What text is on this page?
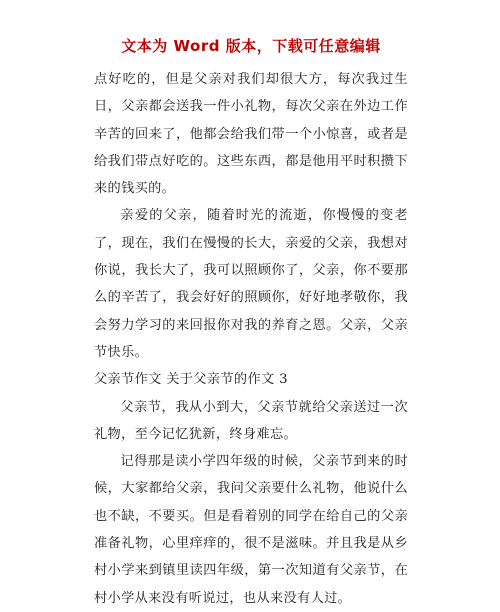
文本为 Word 版本，下载可任意编辑

点好吃的，但是父亲对我们却很大方，每次我过生日，父亲都会送我一件小礼物，每次父亲在外边工作辛苦的回来了，他都会给我们带一个小惊喜，或者是给我们带点好吃的。这些东西，都是他用平时积攒下来的钱买的。

亲爱的父亲，随着时光的流逝，你慢慢的变老了，现在，我们在慢慢的长大，亲爱的父亲，我想对你说，我长大了，我可以照顾你了，父亲，你不要那么的辛苦了，我会好好的照顾你，好好地孝敬你，我会努力学习的来回报你对我的养育之恩。父亲，父亲节快乐。

父亲节作文 关于父亲节的作文 3

父亲节，我从小到大，父亲节就给父亲送过一次礼物，至今记忆犹新，终身难忘。

记得那是读小学四年级的时候，父亲节到来的时候，大家都给父亲，我问父亲要什么礼物，他说什么也不缺，不要买。但是看着别的同学在给自己的父亲准备礼物，心里痒痒的，很不是滋味。并且我是从乡村小学来到镇里读四年级，第一次知道有父亲节，在村小学从来没有听说过，也从来没有人过。
